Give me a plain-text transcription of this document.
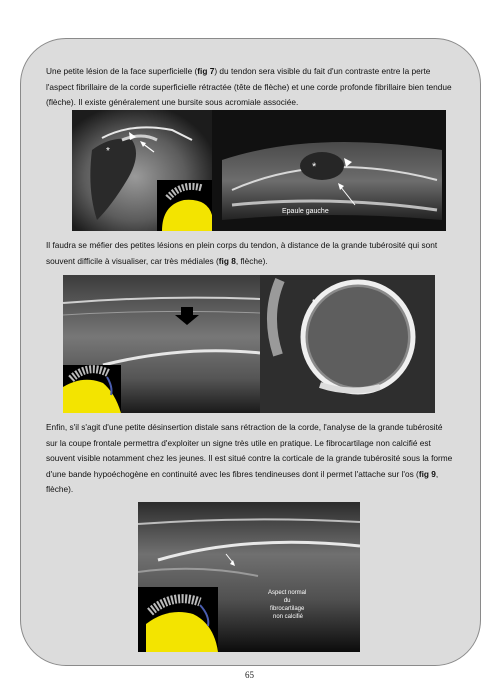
Une petite lésion de la face superficielle (fig 7) du tendon sera visible du fait d'un contraste entre la perte l'aspect fibrillaire de la corde superficielle rétractée (tête de flèche) et une corde profonde fibrillaire bien tendue (flèche). Il existe généralement une bursite sous acromiale associée.

*
*
Epaule gauche

Il faudra se méfier des petites lésions en plein corps du tendon, à distance de la grande tubérosité qui sont souvent difficile à visualiser, car très médiales (fig 8, flèche).

*

Enfin, s'il s'agit d'une petite désinsertion distale sans rétraction de la corde, l'analyse de la grande tubérosité sur la coupe frontale permettra d'exploiter un signe très utile en pratique. Le fibrocartilage non calcifié est souvent visible notamment chez les jeunes. Il est situé contre la corticale de la grande tubérosité sous la forme d'une bande hypoéchogène en continuité avec les fibres tendineuses dont il permet l'attache sur l'os (fig 9, flèche).

Aspect normal du fibrocartilage non calcifié
65
